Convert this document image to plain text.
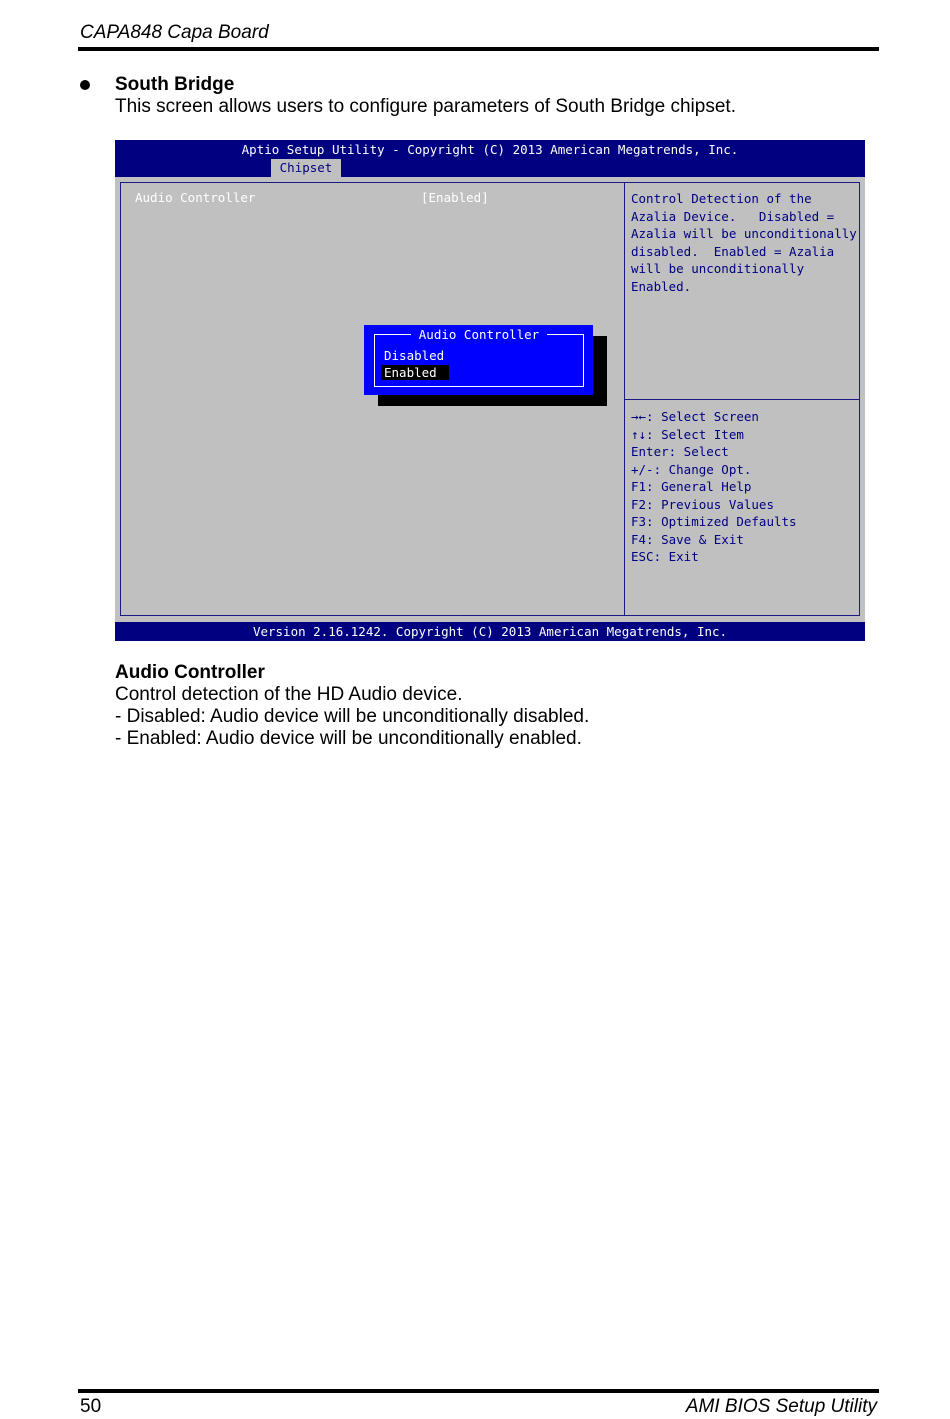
CAPA848 Capa Board
South Bridge
This screen allows users to configure parameters of South Bridge chipset.
Aptio Setup Utility - Copyright (C) 2013 American Megatrends, Inc.
Chipset
Audio Controller	[Enabled]	Control Detection of the
Azalia Device.   Disabled =
Azalia will be unconditionally
disabled.  Enabled = Azalia
will be unconditionally
Enabled.
→←: Select Screen
↑↓: Select Item
Enter: Select
+/-: Change Opt.
F1: General Help
F2: Previous Values
F3: Optimized Defaults
F4: Save & Exit
ESC: Exit
Audio Controller
Disabled
Enabled
Version 2.16.1242. Copyright (C) 2013 American Megatrends, Inc.
Audio Controller
Control detection of the HD Audio device.
- Disabled: Audio device will be unconditionally disabled.
- Enabled: Audio device will be unconditionally enabled.
50	AMI BIOS Setup Utility
